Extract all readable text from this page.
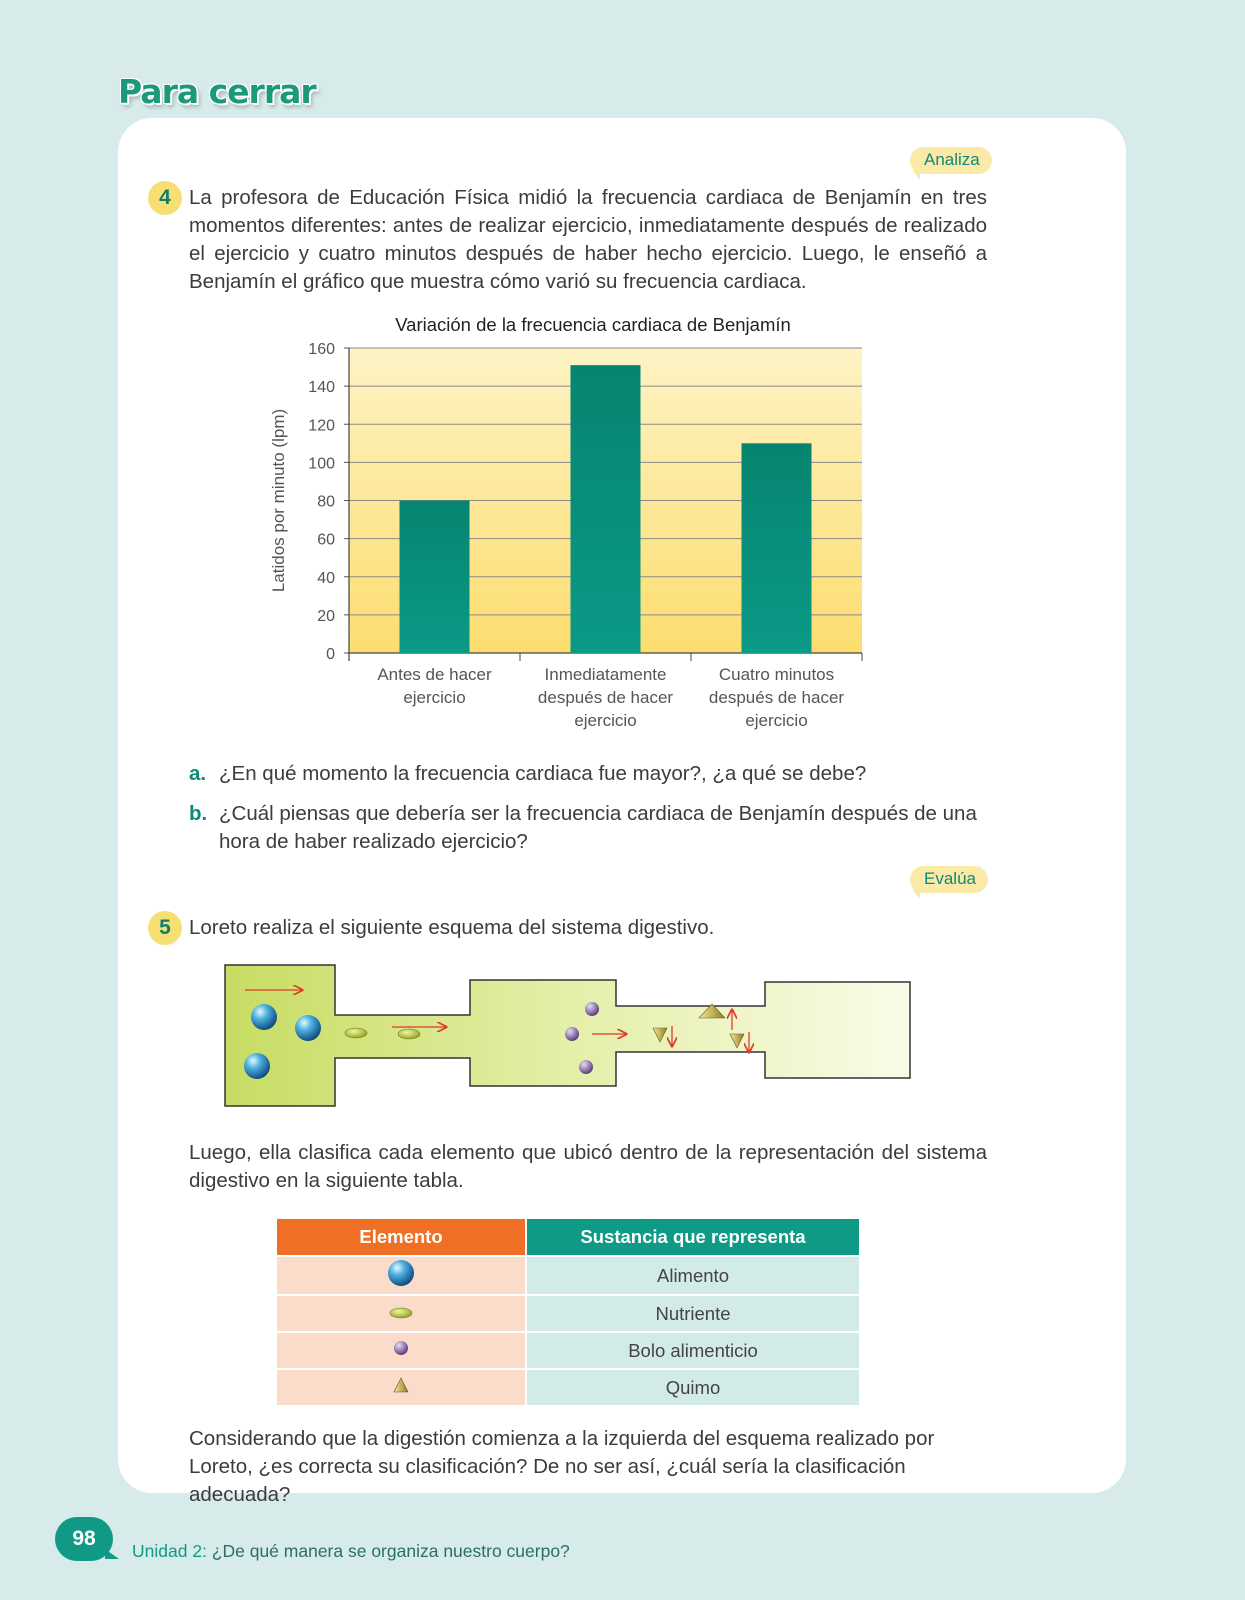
Para cerrar
Analiza
4 La profesora de Educación Física midió la frecuencia cardiaca de Benjamín en tres momentos diferentes: antes de realizar ejercicio, inmediatamente después de realizado el ejercicio y cuatro minutos después de haber hecho ejercicio. Luego, le enseñó a Benjamín el gráfico que muestra cómo varió su frecuencia cardiaca.
Variación de la frecuencia cardiaca de Benjamín
0
20
40
60
80
100
120
140
160
Antes de hacer
ejercicio
Inmediatamente
después de hacer
ejercicio
Cuatro minutos
después de hacer
ejercicio
Latidos por minuto (lpm)
a. ¿En qué momento la frecuencia cardiaca fue mayor?, ¿a qué se debe?
b. ¿Cuál piensas que debería ser la frecuencia cardiaca de Benjamín después de una hora de haber realizado ejercicio?
Evalúa
5 Loreto realiza el siguiente esquema del sistema digestivo.
Luego, ella clasifica cada elemento que ubicó dentro de la representación del sistema digestivo en la siguiente tabla.
Elemento	Sustancia que representa
	Alimento
	Nutriente
	Bolo alimenticio
	Quimo
Considerando que la digestión comienza a la izquierda del esquema realizado por Loreto, ¿es correcta su clasificación? De no ser así, ¿cuál sería la clasificación adecuada?
98
Unidad 2: ¿De qué manera se organiza nuestro cuerpo?
